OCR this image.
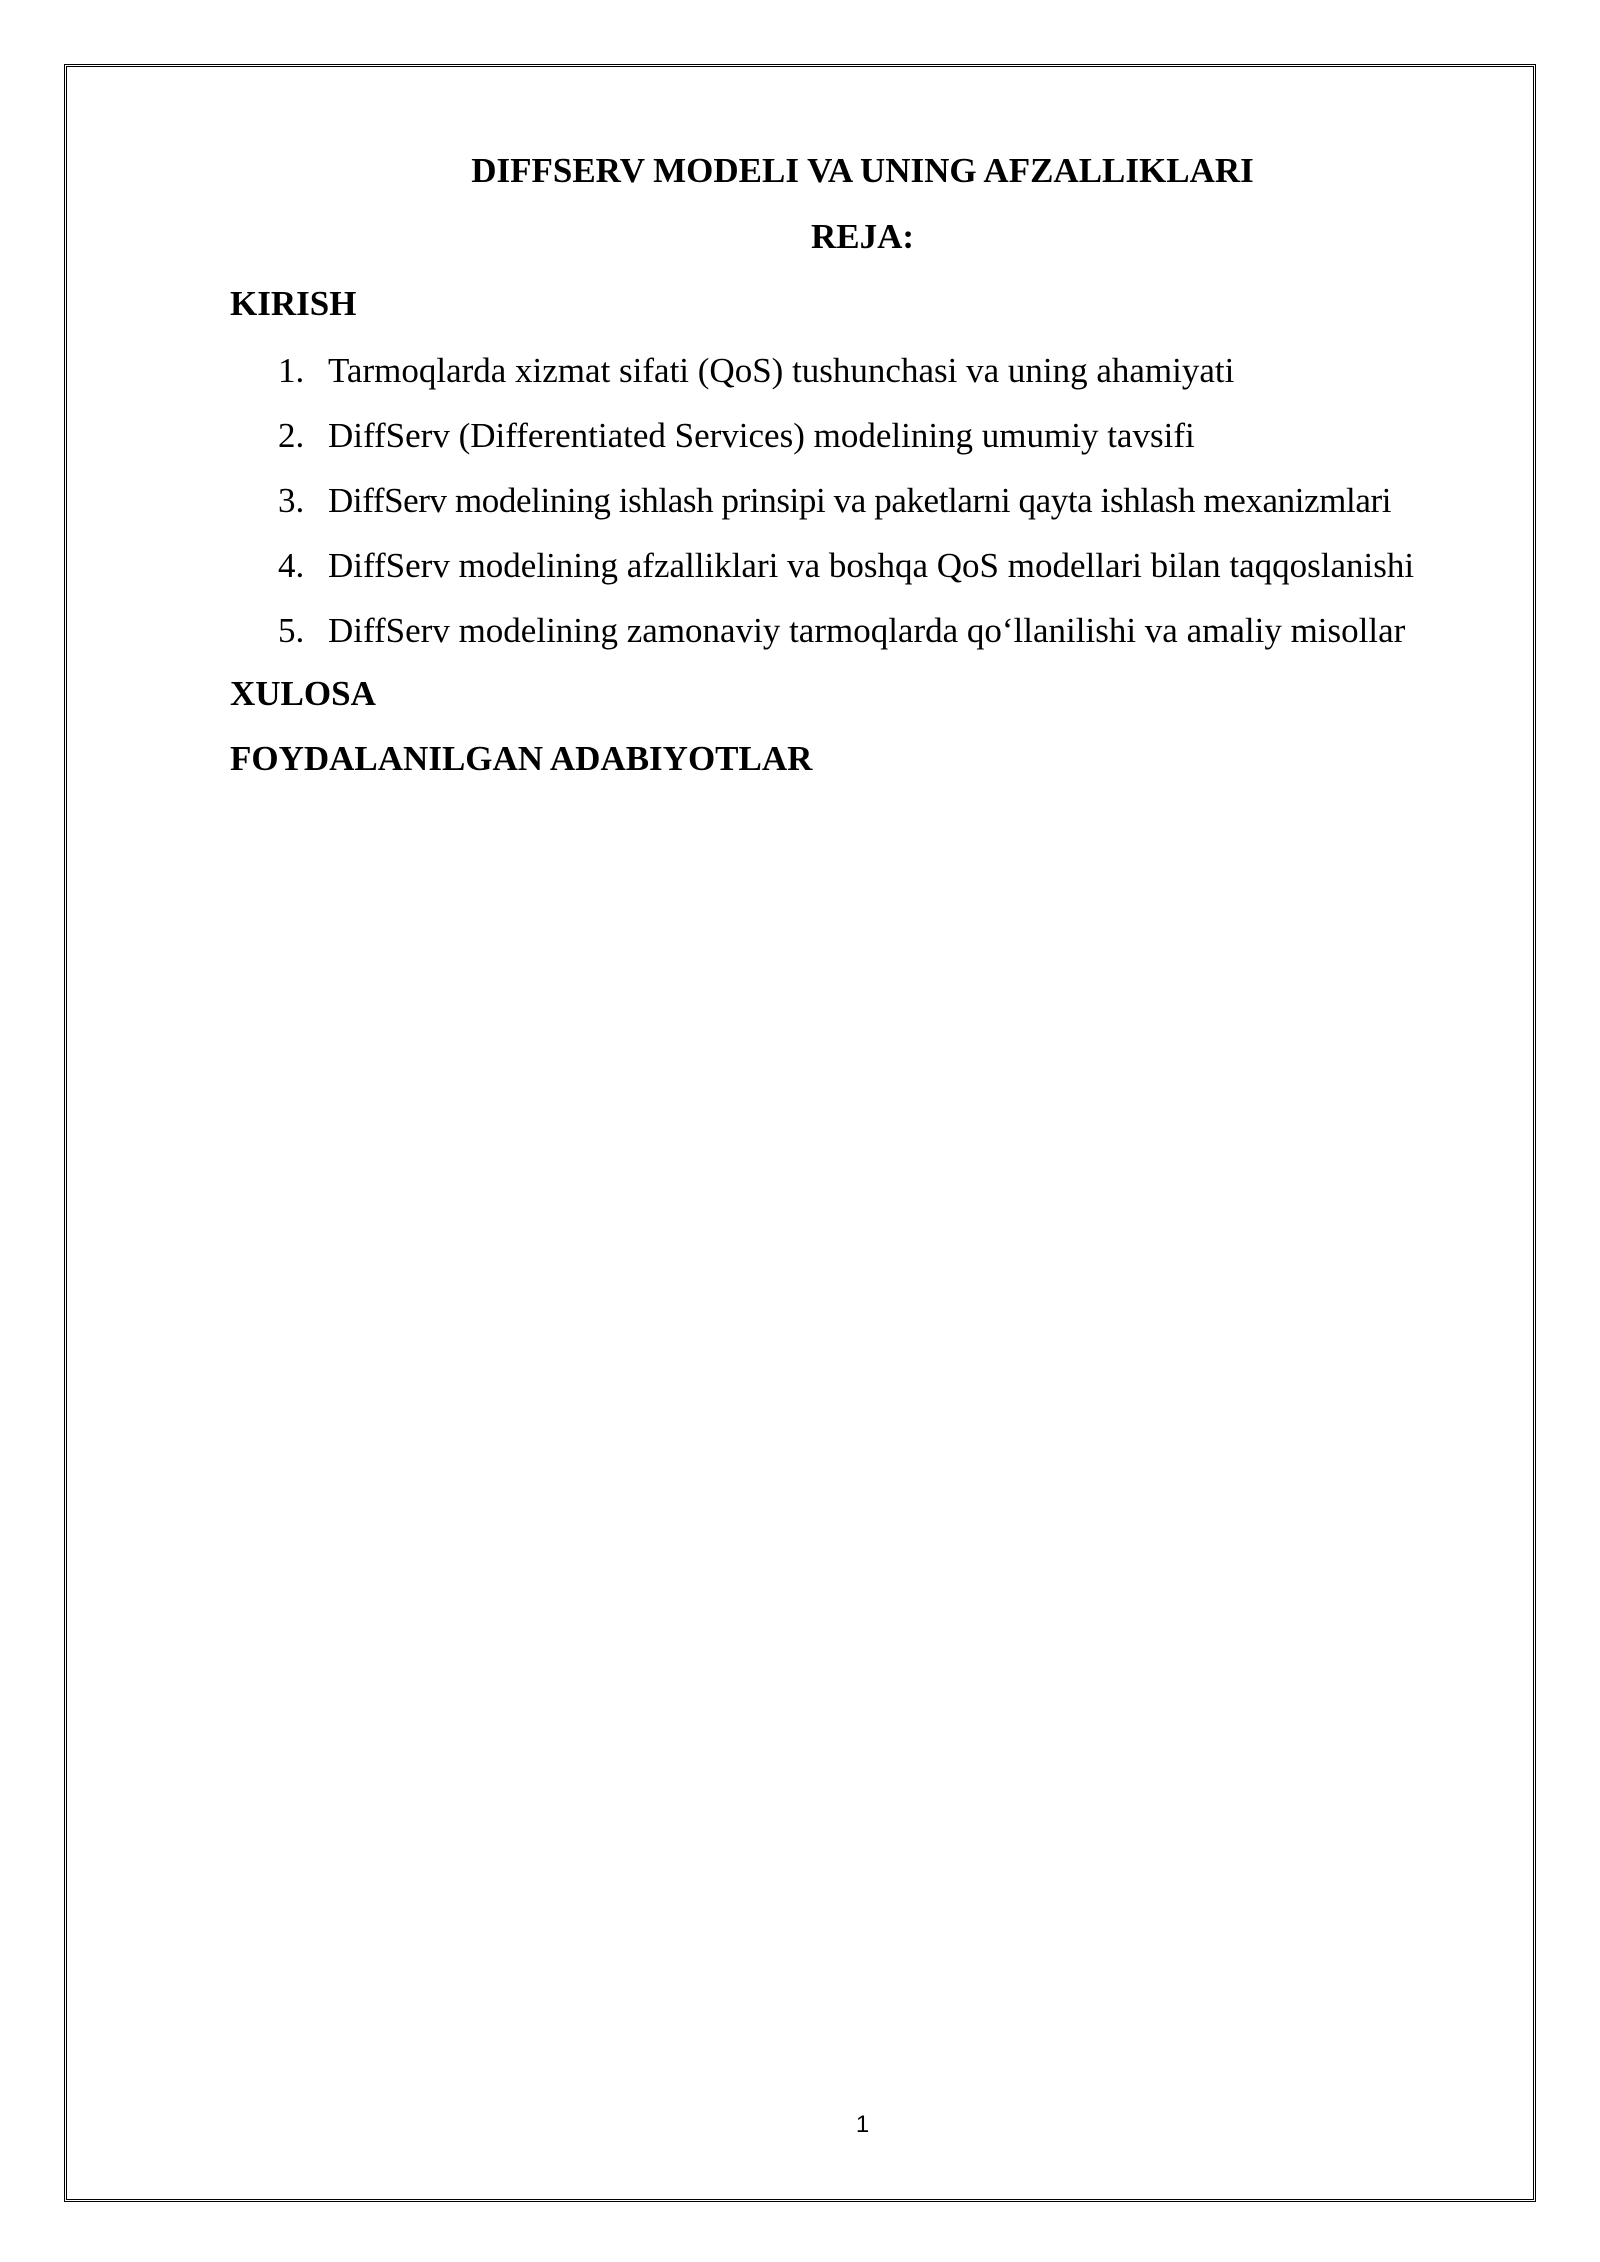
DIFFSERV MODELI VA UNING AFZALLIKLARI
REJA:
KIRISH
1. Tarmoqlarda xizmat sifati (QoS) tushunchasi va uning ahamiyati
2. DiffServ (Differentiated Services) modelining umumiy tavsifi
3. DiffServ modelining ishlash prinsipi va paketlarni qayta ishlash mexanizmlari
4. DiffServ modelining afzalliklari va boshqa QoS modellari bilan taqqoslanishi
5. DiffServ modelining zamonaviy tarmoqlarda qo‘llanilishi va amaliy misollar
XULOSA
FOYDALANILGAN ADABIYOTLAR
1
